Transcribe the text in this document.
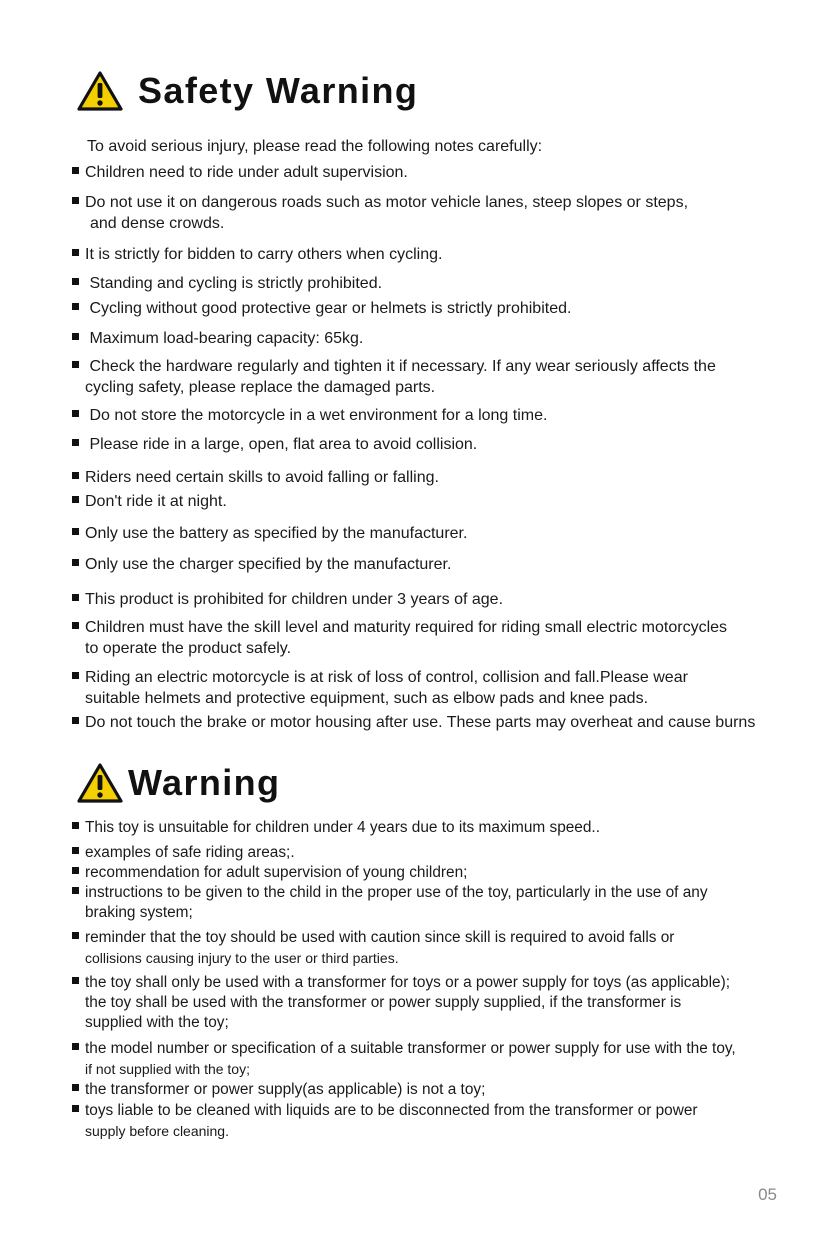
Safety Warning
To avoid serious injury, please read the following notes carefully:
Children need to ride under adult supervision.
Do not use it on dangerous roads such as motor vehicle lanes, steep slopes or steps,
and dense crowds.
It is strictly for bidden to carry others when cycling.
Standing and cycling is strictly prohibited.
Cycling without good protective gear or helmets is strictly prohibited.
Maximum load-bearing capacity: 65kg.
Check the hardware regularly and tighten it if necessary. If any wear seriously affects the
cycling safety, please replace the damaged parts.
Do not store the motorcycle in a wet environment for a long time.
Please ride in a large, open, flat area to avoid collision.
Riders need certain skills to avoid falling or falling.
Don't ride it at night.
Only use the battery as specified by the manufacturer.
Only use the charger specified by the manufacturer.
This product is prohibited for children under 3 years of age.
Children must have the skill level and maturity required for riding small electric motorcycles
to operate the product safely.
Riding an electric motorcycle is at risk of loss of control, collision and fall.Please wear
suitable helmets and protective equipment, such as elbow pads and knee pads.
Do not touch the brake or motor housing after use. These parts may overheat and cause burns
Warning
This toy is unsuitable for children under 4 years due to its maximum speed..
examples of safe riding areas;.
recommendation for adult supervision of young children;
instructions to be given to the child in the proper use of the toy, particularly in the use of any
braking system;
reminder that the toy should be used with caution since skill is required to avoid falls or
collisions causing injury to the user or third parties.
the toy shall only be used with a transformer for toys or a power supply for toys (as applicable);
the toy shall be used with the transformer or power supply supplied, if the transformer is
supplied with the toy;
the model number or specification of a suitable transformer or power supply for use with the toy,
if not supplied with the toy;
the transformer or power supply(as applicable) is not a toy;
toys liable to be cleaned with liquids are to be disconnected from the transformer or power
supply before cleaning.
05
